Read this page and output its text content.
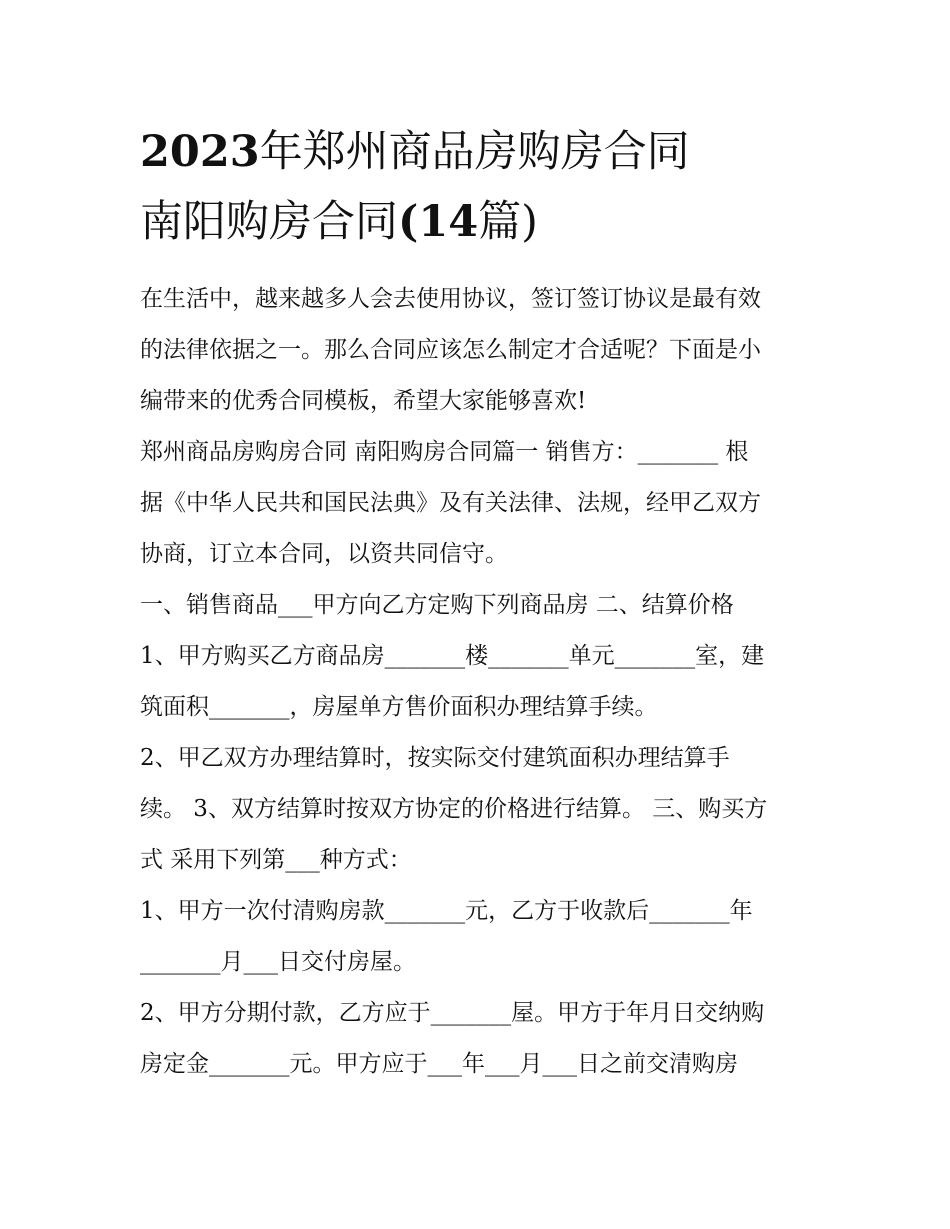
2023年郑州商品房购房合同
南阳购房合同(14篇)
在生活中，越来越多人会去使用协议，签订签订协议是最有效
的法律依据之一。那么合同应该怎么制定才合适呢？下面是小
编带来的优秀合同模板，希望大家能够喜欢!
郑州商品房购房合同 南阳购房合同篇一 销售方：_______ 根
据《中华人民共和国民法典》及有关法律、法规，经甲乙双方
协商，订立本合同，以资共同信守。
一、销售商品___甲方向乙方定购下列商品房 二、结算价格
1、甲方购买乙方商品房_______楼_______单元_______室，建
筑面积_______，房屋单方售价面积办理结算手续。
2、甲乙双方办理结算时，按实际交付建筑面积办理结算手
续。 3、双方结算时按双方协定的价格进行结算。 三、购买方
式 采用下列第___种方式：
1、甲方一次付清购房款_______元，乙方于收款后_______年
_______月___日交付房屋。
2、甲方分期付款，乙方应于_______屋。甲方于年月日交纳购
房定金_______元。甲方应于___年___月___日之前交清购房
